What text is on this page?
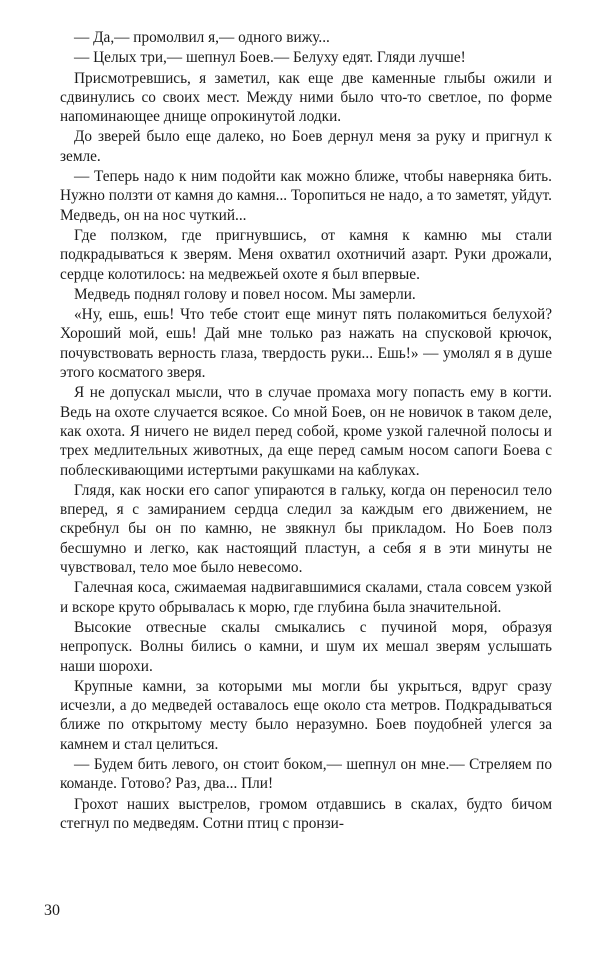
— Да,— промолвил я,— одного вижу...

— Целых три,— шепнул Боев.— Белуху едят. Гляди лучше!

Присмотревшись, я заметил, как еще две каменные глыбы ожили и сдвинулись со своих мест. Между ними было что-то светлое, по форме напоминающее днище опрокинутой лодки.

До зверей было еще далеко, но Боев дернул меня за руку и пригнул к земле.

— Теперь надо к ним подойти как можно ближе, чтобы наверняка бить. Нужно ползти от камня до камня... Торопиться не надо, а то заметят, уйдут. Медведь, он на нос чуткий...

Где ползком, где пригнувшись, от камня к камню мы стали подкрадываться к зверям. Меня охватил охотничий азарт. Руки дрожали, сердце колотилось: на медвежьей охоте я был впервые.

Медведь поднял голову и повел носом. Мы замерли.

«Ну, ешь, ешь! Что тебе стоит еще минут пять полакомиться белухой? Хороший мой, ешь! Дай мне только раз нажать на спусковой крючок, почувствовать верность глаза, твердость руки... Ешь!» — умолял я в душе этого косматого зверя.

Я не допускал мысли, что в случае промаха могу попасть ему в когти. Ведь на охоте случается всякое. Со мной Боев, он не новичок в таком деле, как охота. Я ничего не видел перед собой, кроме узкой галечной полосы и трех медлительных животных, да еще перед самым носом сапоги Боева с поблескивающими истертыми ракушками на каблуках.

Глядя, как носки его сапог упираются в гальку, когда он переносил тело вперед, я с замиранием сердца следил за каждым его движением, не скребнул бы он по камню, не звякнул бы прикладом. Но Боев полз бесшумно и легко, как настоящий пластун, а себя я в эти минуты не чувствовал, тело мое было невесомо.

Галечная коса, сжимаемая надвигавшимися скалами, стала совсем узкой и вскоре круто обрывалась к морю, где глубина была значительной.

Высокие отвесные скалы смыкались с пучиной моря, образуя непропуск. Волны бились о камни, и шум их мешал зверям услышать наши шорохи.

Крупные камни, за которыми мы могли бы укрыться, вдруг сразу исчезли, а до медведей оставалось еще около ста метров. Подкрадываться ближе по открытому месту было неразумно. Боев поудобней улегся за камнем и стал целиться.

— Будем бить левого, он стоит боком,— шепнул он мне.— Стреляем по команде. Готово? Раз, два... Пли!

Грохот наших выстрелов, громом отдавшись в скалах, будто бичом стегнул по медведям. Сотни птиц с пронзи-

30
